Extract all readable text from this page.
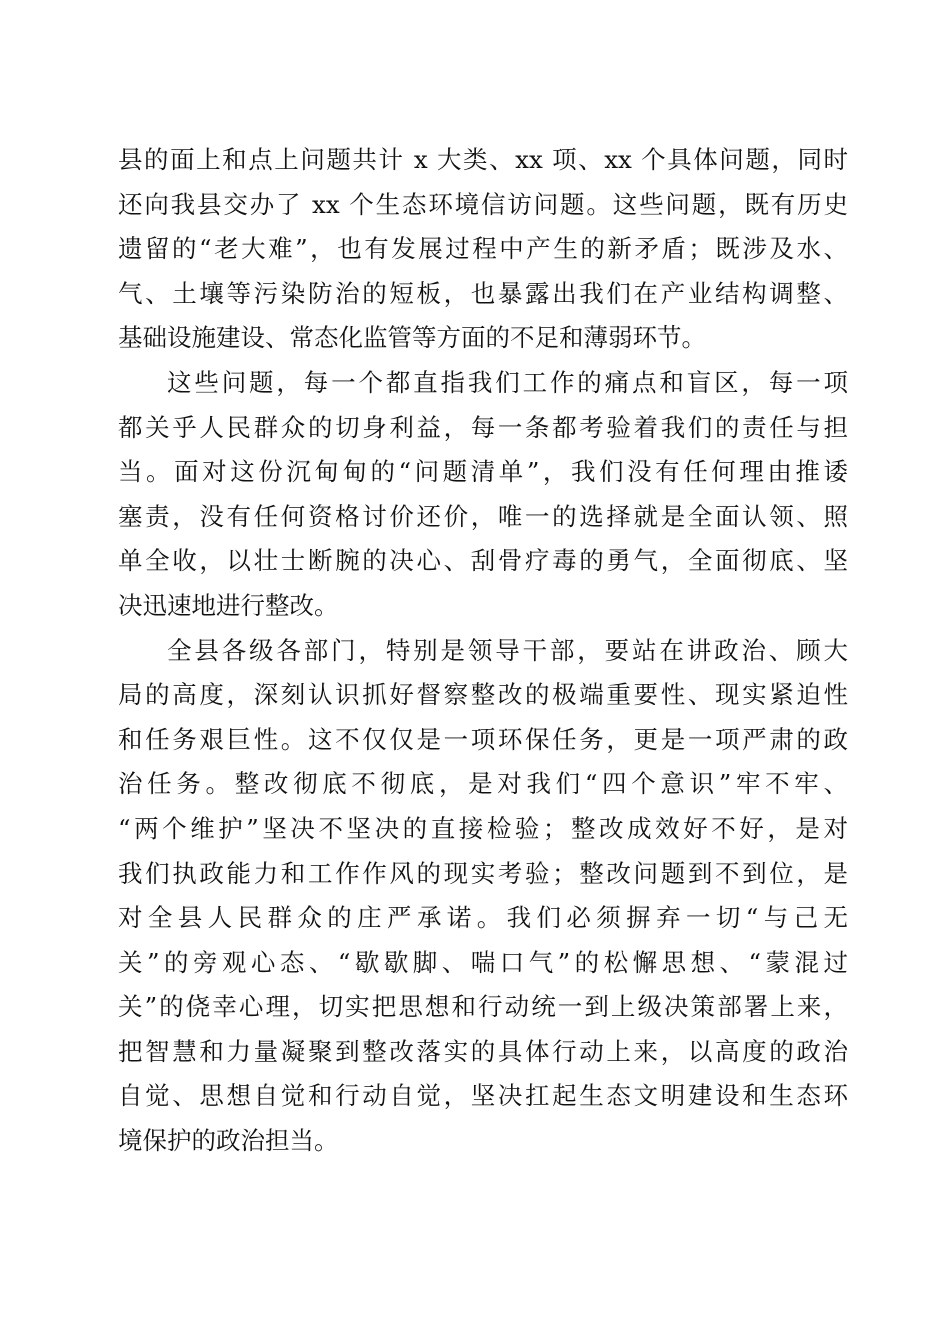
县的面上和点上问题共计 x 大类、xx 项、xx 个具体问题，同时
还向我县交办了 xx 个生态环境信访问题。这些问题，既有历史
遗留的“老大难”，也有发展过程中产生的新矛盾；既涉及水、
气、土壤等污染防治的短板，也暴露出我们在产业结构调整、
基础设施建设、常态化监管等方面的不足和薄弱环节。
这些问题，每一个都直指我们工作的痛点和盲区，每一项
都关乎人民群众的切身利益，每一条都考验着我们的责任与担
当。面对这份沉甸甸的“问题清单”，我们没有任何理由推诿
塞责，没有任何资格讨价还价，唯一的选择就是全面认领、照
单全收，以壮士断腕的决心、刮骨疗毒的勇气，全面彻底、坚
决迅速地进行整改。
全县各级各部门，特别是领导干部，要站在讲政治、顾大
局的高度，深刻认识抓好督察整改的极端重要性、现实紧迫性
和任务艰巨性。这不仅仅是一项环保任务，更是一项严肃的政
治任务。整改彻底不彻底，是对我们“四个意识”牢不牢、
“两个维护”坚决不坚决的直接检验；整改成效好不好，是对
我们执政能力和工作作风的现实考验；整改问题到不到位，是
对全县人民群众的庄严承诺。我们必须摒弃一切“与己无
关”的旁观心态、“歇歇脚、喘口气”的松懈思想、“蒙混过
关”的侥幸心理，切实把思想和行动统一到上级决策部署上来，
把智慧和力量凝聚到整改落实的具体行动上来，以高度的政治
自觉、思想自觉和行动自觉，坚决扛起生态文明建设和生态环
境保护的政治担当。
